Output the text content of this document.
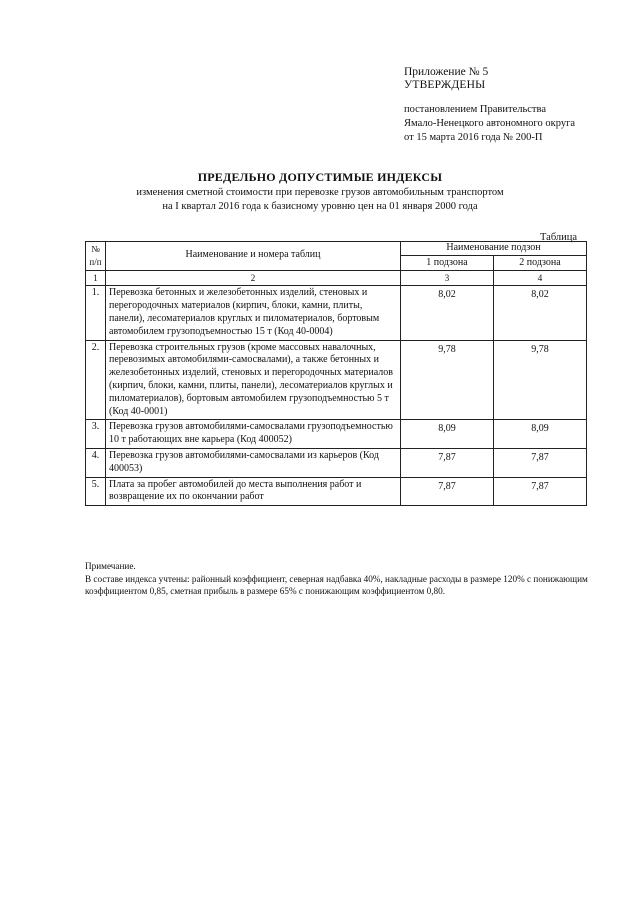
Приложение № 5
УТВЕРЖДЕНЫ
постановлением Правительства
Ямало-Ненецкого автономного округа
от 15 марта 2016 года № 200-П
ПРЕДЕЛЬНО ДОПУСТИМЫЕ ИНДЕКСЫ
изменения сметной стоимости при перевозке грузов автомобильным транспортом
на I квартал 2016 года к базисному уровню цен на 01 января 2000 года
Таблица
№ п/п	Наименование и номера таблиц	Наименование подзон	
		1 подзона	2 подзона
1	2	3	4
1.	Перевозка бетонных и железобетонных изделий, стеновых и перегородочных материалов (кирпич, блоки, камни, плиты, панели), лесоматериалов круглых и пиломатериалов, бортовым автомобилем грузоподъемностью 15 т (Код 40-0004)	8,02	8,02
2.	Перевозка строительных грузов (кроме массовых навалочных, перевозимых автомобилями-самосвалами), а также бетонных и железобетонных изделий, стеновых и перегородочных материалов (кирпич, блоки, камни, плиты, панели), лесоматериалов круглых и пиломатериалов), бортовым автомобилем грузоподъемностью 5 т (Код 40-0001)	9,78	9,78
3.	Перевозка грузов автомобилями-самосвалами грузоподъемностью 10 т работающих вне карьера (Код 400052)	8,09	8,09
4.	Перевозка грузов автомобилями-самосвалами из карьеров (Код 400053)	7,87	7,87
5.	Плата за пробег автомобилей до места выполнения работ и возвращение их по окончании работ	7,87	7,87
Примечание.
В составе индекса учтены: районный коэффициент, северная надбавка 40%, накладные расходы в размере 120% с понижающим коэффициентом 0,85, сметная прибыль в размере 65% с понижающим коэффициентом 0,80.
